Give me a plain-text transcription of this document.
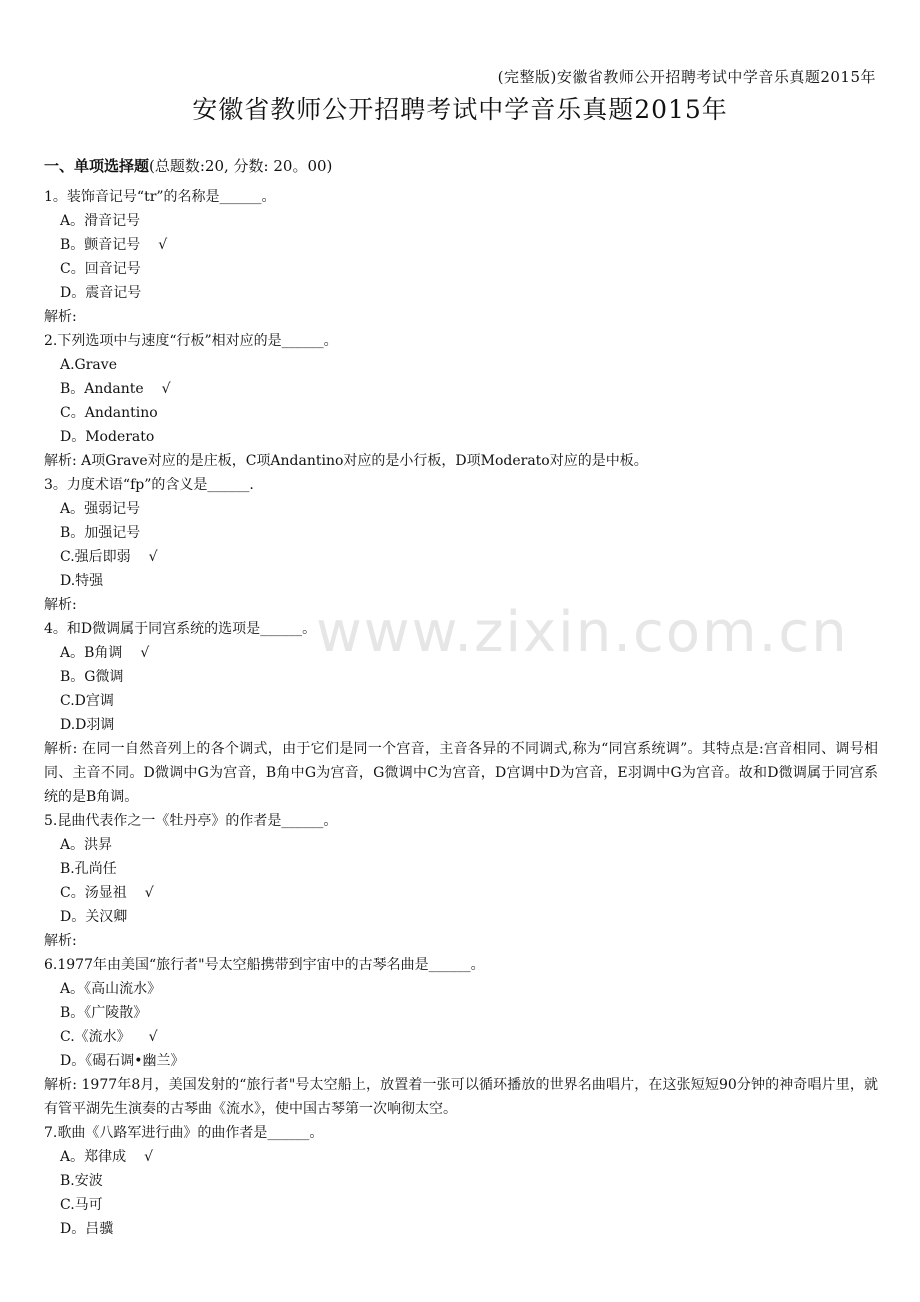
(完整版)安徽省教师公开招聘考试中学音乐真题2015年
安徽省教师公开招聘考试中学音乐真题2015年
一、单项选择题(总题数:20, 分数: 20。00)
www.zixin.com.cn
1。装饰音记号“tr”的名称是______。
A。滑音记号
B。颤音记号 √
C。回音记号
D。震音记号
解析:
2.下列选项中与速度“行板”相对应的是______。
A.Grave
B。Andante √
C。Andantino
D。Moderato
解析: A项Grave对应的是庄板，C项Andantino对应的是小行板，D项Moderato对应的是中板。
3。力度术语“fp”的含义是______.
A。强弱记号
B。加强记号
C.强后即弱 √
D.特强
解析:
4。和D微调属于同宫系统的选项是______。
A。B角调 √
B。G微调
C.D宫调
D.D羽调
解析: 在同一自然音列上的各个调式，由于它们是同一个宫音，主音各异的不同调式,称为“同宫系统调”。其特点是:宫音相同、调号相同、主音不同。D微调中G为宫音，B角中G为宫音，G微调中C为宫音，D宫调中D为宫音，E羽调中G为宫音。故和D微调属于同宫系统的是B角调。
5.昆曲代表作之一《牡丹亭》的作者是______。
A。洪昇
B.孔尚任
C。汤显祖 √
D。关汉卿
解析:
6.1977年由美国“旅行者"号太空船携带到宇宙中的古琴名曲是______。
A。《高山流水》
B。《广陵散》
C.《流水》 √
D。《碣石调•幽兰》
解析: 1977年8月，美国发射的“旅行者"号太空船上，放置着一张可以循环播放的世界名曲唱片，在这张短短90分钟的神奇唱片里，就有管平湖先生演奏的古琴曲《流水》，使中国古琴第一次响彻太空。
7.歌曲《八路军进行曲》的曲作者是______。
A。郑律成 √
B.安波
C.马可
D。吕骥
